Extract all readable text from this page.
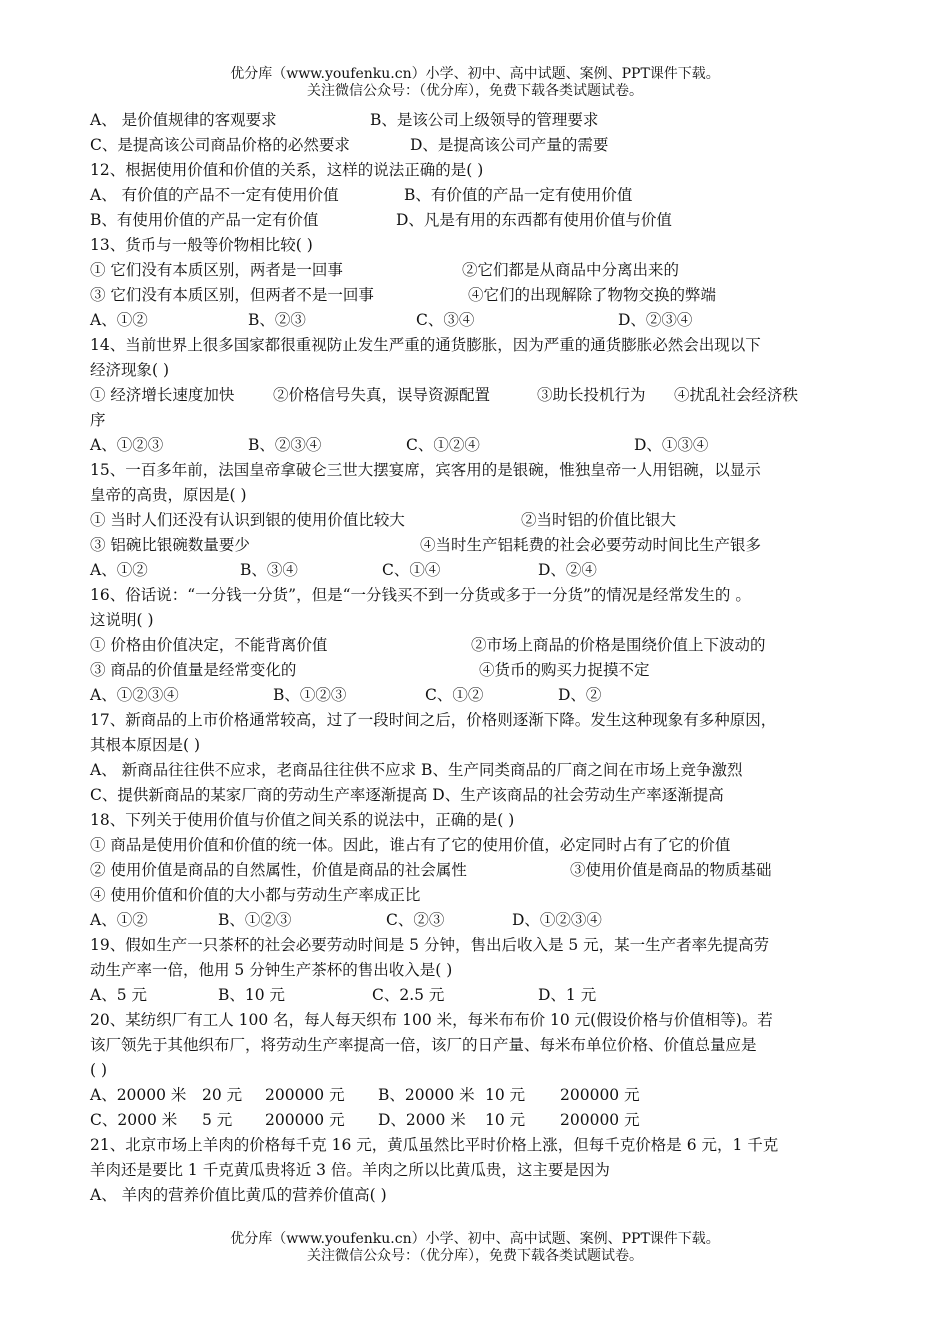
优分库（www.youfenku.cn）小学、初中、高中试题、案例、PPT课件下载。
关注微信公众号：（优分库），免费下载各类试题试卷。
A、 是价值规律的客观要求	B、是该公司上级领导的管理要求
C、是提高该公司商品价格的必然要求	D、是提高该公司产量的需要
12、根据使用价值和价值的关系，这样的说法正确的是( )
A、 有价值的产品不一定有使用价值	B、有价值的产品一定有使用价值
B、有使用价值的产品一定有价值	D、凡是有用的东西都有使用价值与价值
13、货币与一般等价物相比较( )
① 它们没有本质区别，两者是一回事	②它们都是从商品中分离出来的
③ 它们没有本质区别，但两者不是一回事	④它们的出现解除了物物交换的弊端
A、①②	B、②③	C、③④	D、②③④
14、当前世界上很多国家都很重视防止发生严重的通货膨胀，因为严重的通货膨胀必然会出现以下
经济现象( )
① 经济增长速度加快 ②价格信号失真，误导资源配置	③助长投机行为 ④扰乱社会经济秩
序
A、①②③	B、②③④	C、①②④	D、①③④
15、一百多年前，法国皇帝拿破仑三世大摆宴席，宾客用的是银碗，惟独皇帝一人用铝碗，以显示
皇帝的高贵，原因是( )
① 当时人们还没有认识到银的使用价值比较大	②当时铝的价值比银大
③ 铝碗比银碗数量要少	④当时生产铝耗费的社会必要劳动时间比生产银多
A、①②	B、③④	C、①④	D、②④
16、俗话说：“一分钱一分货”，但是“一分钱买不到一分货或多于一分货”的情况是经常发生的 。
这说明( )
① 价格由价值决定，不能背离价值	②市场上商品的价格是围绕价值上下波动的
③ 商品的价值量是经常变化的	④货币的购买力捉摸不定
A、①②③④	B、①②③	C、①②	D、②
17、新商品的上市价格通常较高，过了一段时间之后，价格则逐渐下降。发生这种现象有多种原因，
其根本原因是( )
A、 新商品往往供不应求，老商品往往供不应求 B、生产同类商品的厂商之间在市场上竞争激烈
C、提供新商品的某家厂商的劳动生产率逐渐提高 D、生产该商品的社会劳动生产率逐渐提高
18、下列关于使用价值与价值之间关系的说法中，正确的是( )
① 商品是使用价值和价值的统一体。因此，谁占有了它的使用价值，必定同时占有了它的价值
② 使用价值是商品的自然属性，价值是商品的社会属性	③使用价值是商品的物质基础
④ 使用价值和价值的大小都与劳动生产率成正比
A、①②	B、①②③	C、②③	D、①②③④
19、假如生产一只茶杯的社会必要劳动时间是 5 分钟，售出后收入是 5 元，某一生产者率先提高劳
动生产率一倍，他用 5 分钟生产茶杯的售出收入是( )
A、5 元	B、10 元	C、2.5 元	D、1 元
20、某纺织厂有工人 100 名，每人每天织布 100 米，每米布布价 10 元(假设价格与价值相等)。若
该厂领先于其他织布厂，将劳动生产率提高一倍，该厂的日产量、每米布单位价格、价值总量应是
( )
A、20000 米 20 元 200000 元 B、20000 米 10 元 200000 元
C、2000 米 5 元 200000 元 D、2000 米 10 元 200000 元
21、北京市场上羊肉的价格每千克 16 元，黄瓜虽然比平时价格上涨，但每千克价格是 6 元，1 千克
羊肉还是要比 1 千克黄瓜贵将近 3 倍。羊肉之所以比黄瓜贵，这主要是因为
A、 羊肉的营养价值比黄瓜的营养价值高( )
优分库（www.youfenku.cn）小学、初中、高中试题、案例、PPT课件下载。
关注微信公众号：（优分库），免费下载各类试题试卷。
